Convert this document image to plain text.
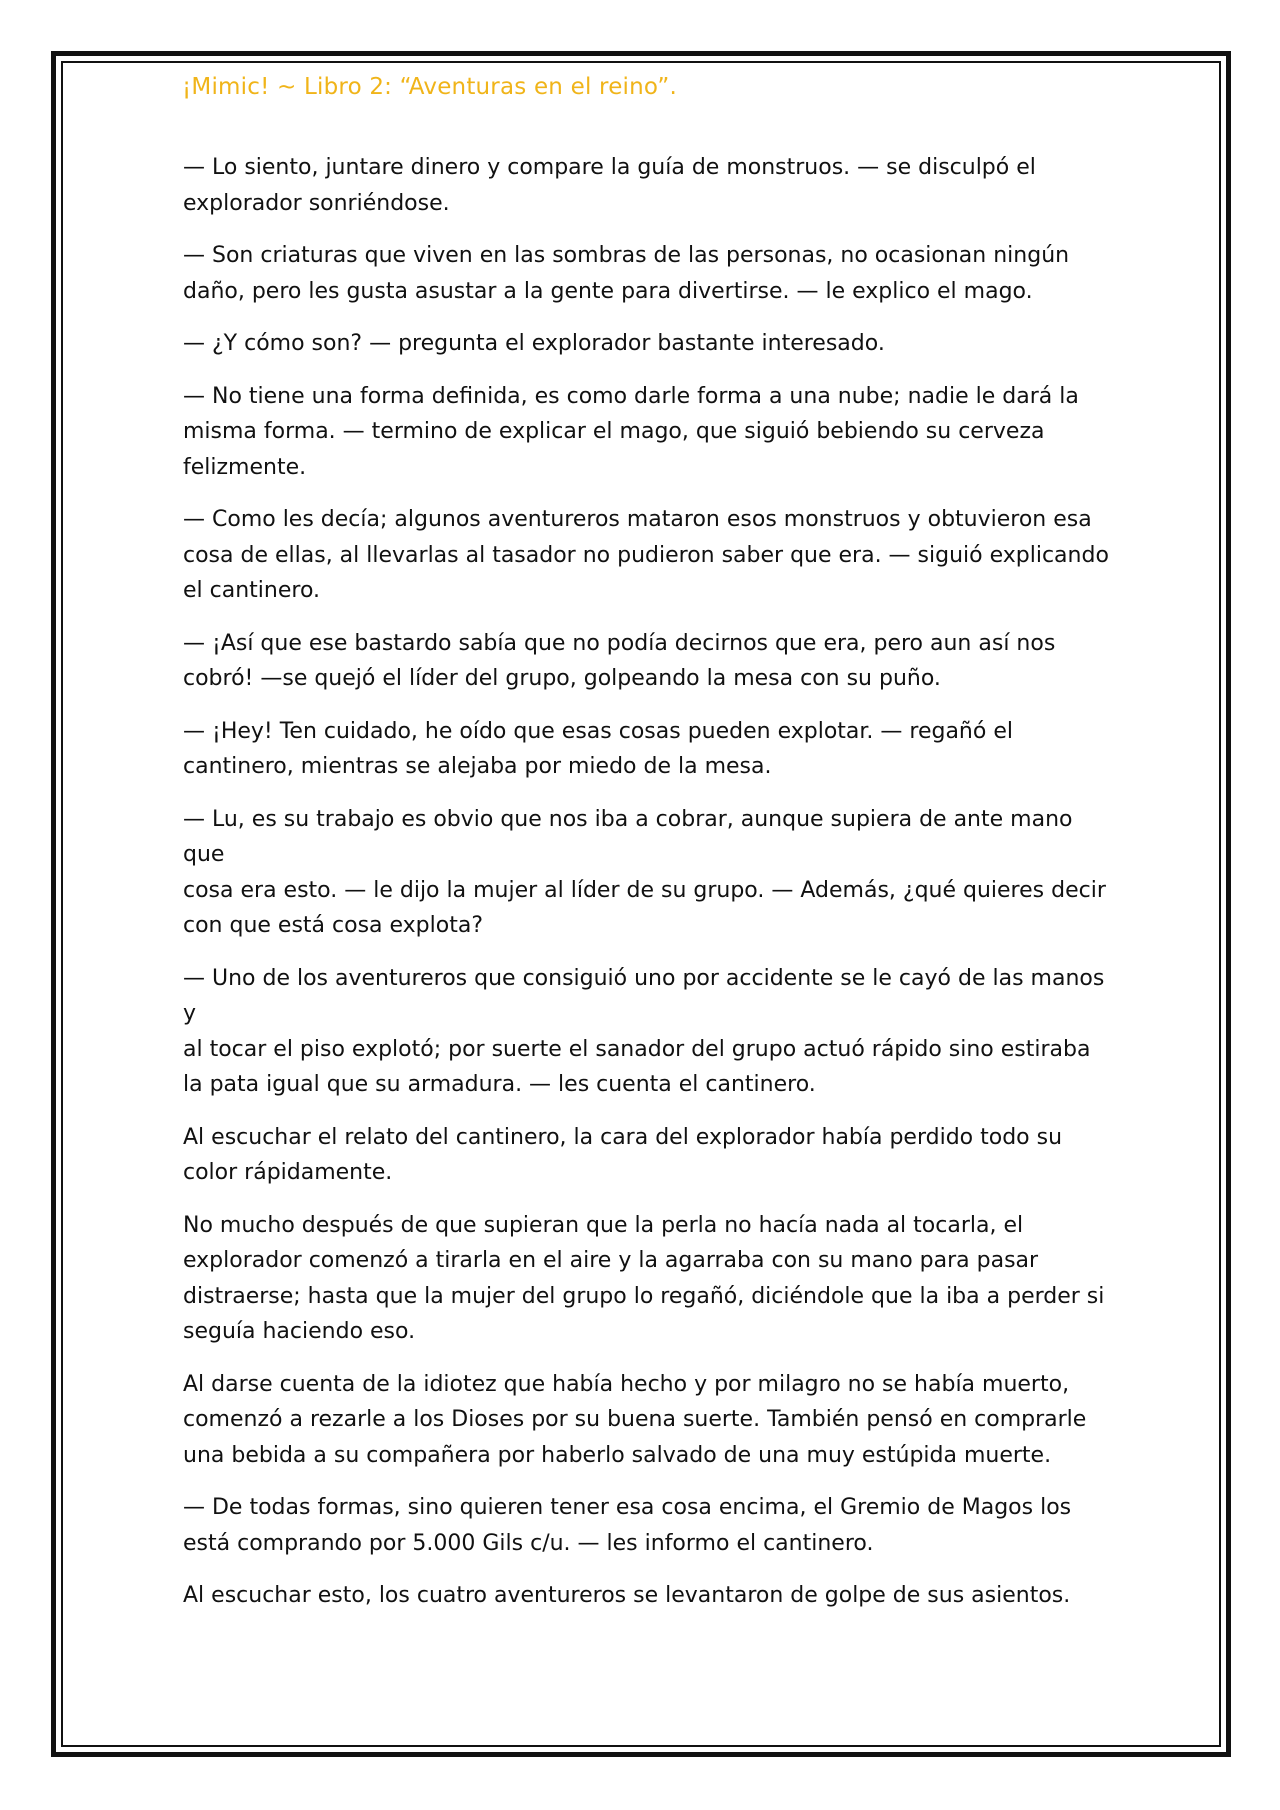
¡Mimic! ~ Libro 2: “Aventuras en el reino”.

— Lo siento, juntare dinero y compare la guía de monstruos. — se disculpó el
explorador sonriéndose.

— Son criaturas que viven en las sombras de las personas, no ocasionan ningún
daño, pero les gusta asustar a la gente para divertirse. — le explico el mago.

— ¿Y cómo son? — pregunta el explorador bastante interesado.

— No tiene una forma definida, es como darle forma a una nube; nadie le dará la
misma forma. — termino de explicar el mago, que siguió bebiendo su cerveza
felizmente.

— Como les decía; algunos aventureros mataron esos monstruos y obtuvieron esa
cosa de ellas, al llevarlas al tasador no pudieron saber que era. — siguió explicando
el cantinero.

— ¡Así que ese bastardo sabía que no podía decirnos que era, pero aun así nos
cobró! —se quejó el líder del grupo, golpeando la mesa con su puño.

— ¡Hey! Ten cuidado, he oído que esas cosas pueden explotar. — regañó el
cantinero, mientras se alejaba por miedo de la mesa.

— Lu, es su trabajo es obvio que nos iba a cobrar, aunque supiera de ante mano que
cosa era esto. — le dijo la mujer al líder de su grupo. — Además, ¿qué quieres decir
con que está cosa explota?

— Uno de los aventureros que consiguió uno por accidente se le cayó de las manos y
al tocar el piso explotó; por suerte el sanador del grupo actuó rápido sino estiraba
la pata igual que su armadura. — les cuenta el cantinero.

Al escuchar el relato del cantinero, la cara del explorador había perdido todo su
color rápidamente.

No mucho después de que supieran que la perla no hacía nada al tocarla, el
explorador comenzó a tirarla en el aire y la agarraba con su mano para pasar
distraerse; hasta que la mujer del grupo lo regañó, diciéndole que la iba a perder si
seguía haciendo eso.

Al darse cuenta de la idiotez que había hecho y por milagro no se había muerto,
comenzó a rezarle a los Dioses por su buena suerte. También pensó en comprarle
una bebida a su compañera por haberlo salvado de una muy estúpida muerte.

— De todas formas, sino quieren tener esa cosa encima, el Gremio de Magos los
está comprando por 5.000 Gils c/u. — les informo el cantinero.

Al escuchar esto, los cuatro aventureros se levantaron de golpe de sus asientos.
